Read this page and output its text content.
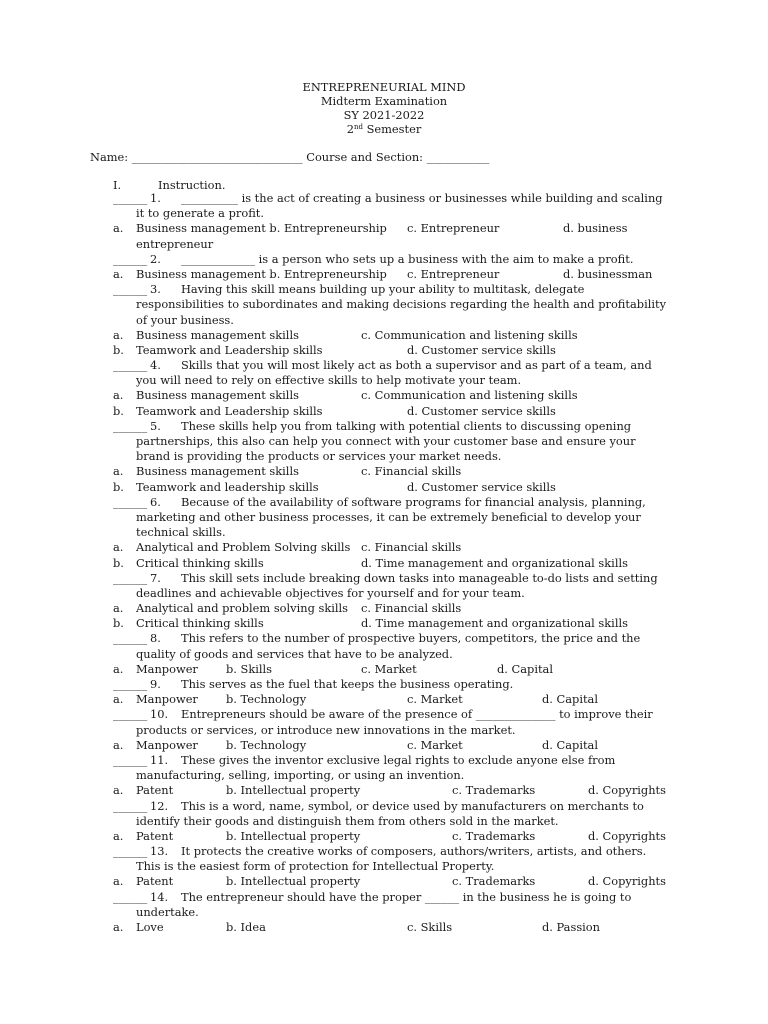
ENTREPRENEURIAL MIND
Midterm Examination
SY 2021-2022
2nd Semester
Name: ______________________________ Course and Section: ___________
I.	Instruction.
______ 1. __________ is the act of creating a business or businesses while building and scaling
it to generate a profit.
a. Business management b. Entrepreneurship c. Entrepreneur	d. business
entrepreneur
______ 2. _____________ is a person who sets up a business with the aim to make a profit.
a. Business management b. Entrepreneurship c. Entrepreneur	d. businessman
______ 3. Having this skill means building up your ability to multitask, delegate
responsibilities to subordinates and making decisions regarding the health and profitability
of your business.
a. Business management skills	c. Communication and listening skills
b. Teamwork and Leadership skills	d. Customer service skills
______ 4. Skills that you will most likely act as both a supervisor and as part of a team, and
you will need to rely on effective skills to help motivate your team.
a. Business management skills	c. Communication and listening skills
b. Teamwork and Leadership skills	d. Customer service skills
______ 5. These skills help you from talking with potential clients to discussing opening
partnerships, this also can help you connect with your customer base and ensure your
brand is providing the products or services your market needs.
a. Business management skills	c. Financial skills
b. Teamwork and leadership skills	d. Customer service skills
______ 6. Because of the availability of software programs for financial analysis, planning,
marketing and other business processes, it can be extremely beneficial to develop your
technical skills.
a. Analytical and Problem Solving skills c. Financial skills
b. Critical thinking skills	d. Time management and organizational skills
______ 7. This skill sets include breaking down tasks into manageable to-do lists and setting
deadlines and achievable objectives for yourself and for your team.
a. Analytical and problem solving skills c. Financial skills
b. Critical thinking skills	d. Time management and organizational skills
______ 8. This refers to the number of prospective buyers, competitors, the price and the
quality of goods and services that have to be analyzed.
a. Manpower b. Skills	c. Market	d. Capital
______ 9. This serves as the fuel that keeps the business operating.
a. Manpower b. Technology	c. Market	d. Capital
______ 10. Entrepreneurs should be aware of the presence of ______________ to improve their
products or services, or introduce new innovations in the market.
a. Manpower b. Technology	c. Market	d. Capital
______ 11. These gives the inventor exclusive legal rights to exclude anyone else from
manufacturing, selling, importing, or using an invention.
a. Patent	b. Intellectual property	c. Trademarks	d. Copyrights
______ 12. This is a word, name, symbol, or device used by manufacturers on merchants to
identify their goods and distinguish them from others sold in the market.
a. Patent	b. Intellectual property	c. Trademarks	d. Copyrights
______ 13. It protects the creative works of composers, authors/writers, artists, and others.
This is the easiest form of protection for Intellectual Property.
a. Patent	b. Intellectual property	c. Trademarks	d. Copyrights
______ 14. The entrepreneur should have the proper ______ in the business he is going to
undertake.
a. Love	b. Idea	c. Skills	d. Passion
